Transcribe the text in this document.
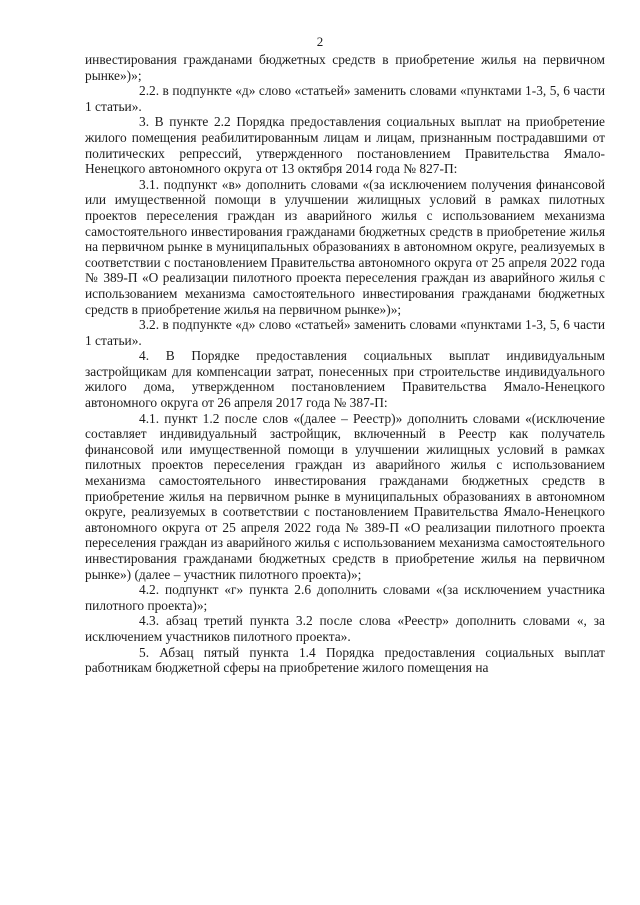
2

инвестирования гражданами бюджетных средств в приобретение жилья на первичном рынке»)»;

2.2. в подпункте «д» слово «статьей» заменить словами «пунктами 1-3, 5, 6 части 1 статьи».

3. В пункте 2.2 Порядка предоставления социальных выплат на приобретение жилого помещения реабилитированным лицам и лицам, признанным пострадавшими от политических репрессий, утвержденного постановлением Правительства Ямало-Ненецкого автономного округа от 13 октября 2014 года № 827-П:

3.1. подпункт «в» дополнить словами «(за исключением получения финансовой или имущественной помощи в улучшении жилищных условий в рамках пилотных проектов переселения граждан из аварийного жилья с использованием механизма самостоятельного инвестирования гражданами бюджетных средств в приобретение жилья на первичном рынке в муниципальных образованиях в автономном округе, реализуемых в соответствии с постановлением Правительства автономного округа от 25 апреля 2022 года № 389-П «О реализации пилотного проекта переселения граждан из аварийного жилья с использованием механизма самостоятельного инвестирования гражданами бюджетных средств в приобретение жилья на первичном рынке»)»;

3.2. в подпункте «д» слово «статьей» заменить словами «пунктами 1-3, 5, 6 части 1 статьи».

4. В Порядке предоставления социальных выплат индивидуальным застройщикам для компенсации затрат, понесенных при строительстве индивидуального жилого дома, утвержденном постановлением Правительства Ямало-Ненецкого автономного округа от 26 апреля 2017 года № 387-П:

4.1. пункт 1.2 после слов «(далее – Реестр)» дополнить словами «(исключение составляет индивидуальный застройщик, включенный в Реестр как получатель финансовой или имущественной помощи в улучшении жилищных условий в рамках пилотных проектов переселения граждан из аварийного жилья с использованием механизма самостоятельного инвестирования гражданами бюджетных средств в приобретение жилья на первичном рынке в муниципальных образованиях в автономном округе, реализуемых в соответствии с постановлением Правительства Ямало-Ненецкого автономного округа от 25 апреля 2022 года № 389-П «О реализации пилотного проекта переселения граждан из аварийного жилья с использованием механизма самостоятельного инвестирования гражданами бюджетных средств в приобретение жилья на первичном рынке») (далее – участник пилотного проекта)»;

4.2. подпункт «г» пункта 2.6 дополнить словами «(за исключением участника пилотного проекта)»;

4.3. абзац третий пункта 3.2 после слова «Реестр» дополнить словами «, за исключением участников пилотного проекта».

5. Абзац пятый пункта 1.4 Порядка предоставления социальных выплат работникам бюджетной сферы на приобретение жилого помещения на
